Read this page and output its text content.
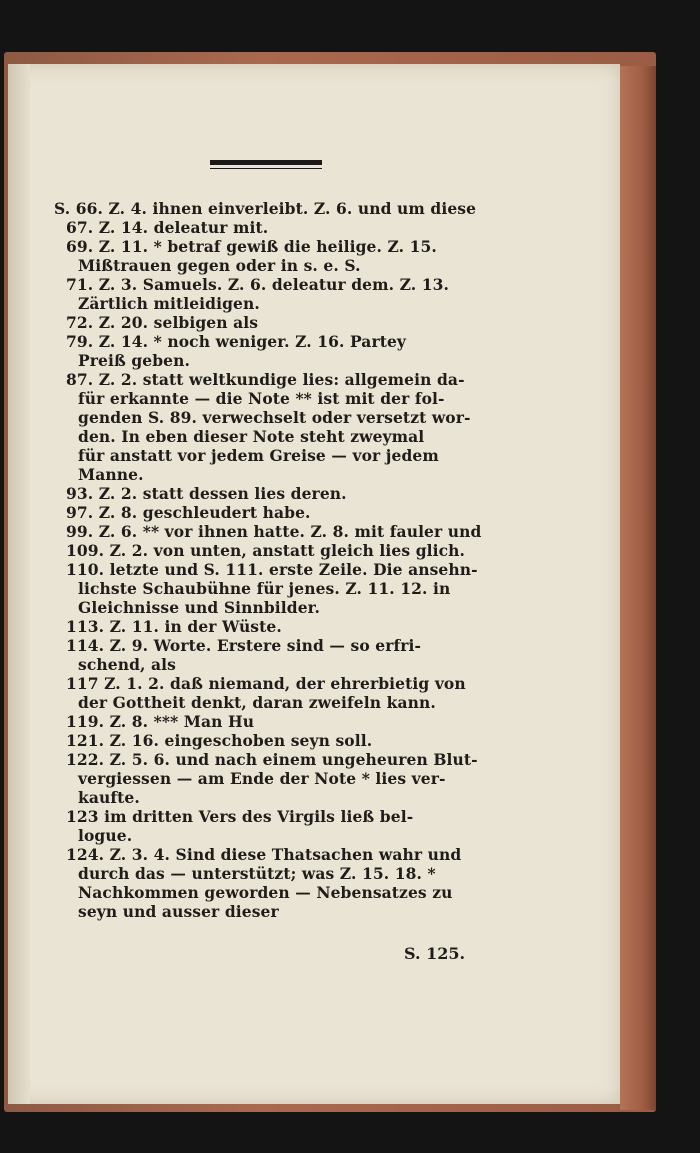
S. 66. Z. 4. ihnen einverleibt. Z. 6. und um diese
67. Z. 14. deleatur mit.
69. Z. 11. * betraf gewiß die heilige. Z. 15.
Mißtrauen gegen oder in s. e. S.
71. Z. 3. Samuels. Z. 6. deleatur dem. Z. 13.
Zärtlich mitleidigen.
72. Z. 20. selbigen als
79. Z. 14. * noch weniger. Z. 16. Partey
Preiß geben.
87. Z. 2. statt weltkundige lies: allgemein da-
für erkannte — die Note ** ist mit der fol-
genden S. 89. verwechselt oder versetzt wor-
den. In eben dieser Note steht zweymal
für anstatt vor jedem Greise — vor jedem
Manne.
93. Z. 2. statt dessen lies deren.
97. Z. 8. geschleudert habe.
99. Z. 6. ** vor ihnen hatte. Z. 8. mit fauler und
109. Z. 2. von unten, anstatt gleich lies glich.
110. letzte und S. 111. erste Zeile. Die ansehn-
lichste Schaubühne für jenes. Z. 11. 12. in
Gleichnisse und Sinnbilder.
113. Z. 11. in der Wüste.
114. Z. 9. Worte. Erstere sind — so erfri-
schend, als
117 Z. 1. 2. daß niemand, der ehrerbietig von
der Gottheit denkt, daran zweifeln kann.
119. Z. 8. *** Man Hu
121. Z. 16. eingeschoben seyn soll.
122. Z. 5. 6. und nach einem ungeheuren Blut-
vergiessen — am Ende der Note * lies ver-
kaufte.
123 im dritten Vers des Virgils ließ bel-
logue.
124. Z. 3. 4. Sind diese Thatsachen wahr und
durch das — unterstützt; was Z. 15. 18. *
Nachkommen geworden — Nebensatzes zu
seyn und ausser dieser
S. 125.
